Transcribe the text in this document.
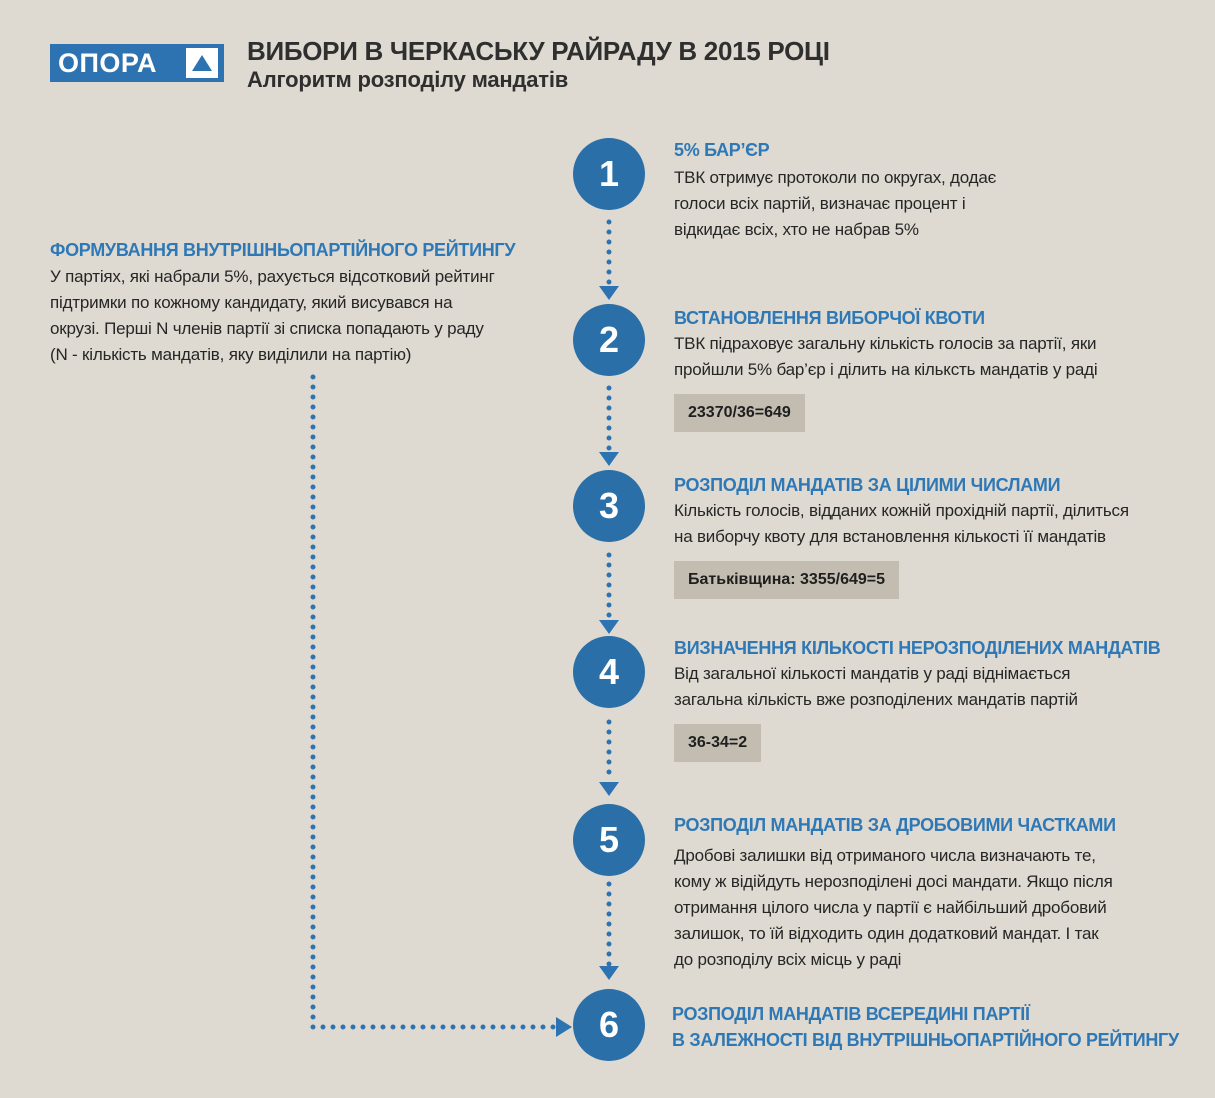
ОПОРА	ВИБОРИ В ЧЕРКАСЬКУ РАЙРАДУ В 2015 РОЦІ
Алгоритм розподілу мандатів
ФОРМУВАННЯ ВНУТРІШНЬОПАРТІЙНОГО РЕЙТИНГУ
У партіях, які набрали 5%, рахується відсотковий рейтинг
підтримки по кожному кандидату, який висувався на
окрузі. Перші N членів партії зі списка попадають у раду
(N - кількість мандатів, яку виділили на партію)
1
5% БАР’ЄР
ТВК отримує протоколи по округах, додає
голоси всіх партій, визначає процент і
відкидає всіх, хто не набрав 5%
2
ВСТАНОВЛЕННЯ ВИБОРЧОЇ КВОТИ
ТВК підраховує загальну кількість голосів за партії, яки
пройшли 5% бар’єр і ділить на кільксть мандатів у раді
23370/36=649
3	РОЗПОДІЛ МАНДАТІВ ЗА ЦІЛИМИ ЧИСЛАМИ
Кількість голосів, відданих кожній прохідній партії, ділиться
на виборчу квоту для встановлення кількості її мандатів
Батьківщина: 3355/649=5
4
ВИЗНАЧЕННЯ КІЛЬКОСТІ НЕРОЗПОДІЛЕНИХ МАНДАТІВ
Від загальної кількості мандатів у раді віднімається
загальна кількість вже розподілених мандатів партій
36-34=2
5	РОЗПОДІЛ МАНДАТІВ ЗА ДРОБОВИМИ ЧАСТКАМИ
Дробові залишки від отриманого числа визначають те,
кому ж відійдуть нерозподілені досі мандати. Якщо після
отримання цілого числа у партії є найбільший дробовий
залишок, то їй відходить один додатковий мандат. І так
до розподілу всіх місць у раді
6	РОЗПОДІЛ МАНДАТІВ ВСЕРЕДИНІ ПАРТІЇ
В ЗАЛЕЖНОСТІ ВІД ВНУТРІШНЬОПАРТІЙНОГО РЕЙТИНГУ
